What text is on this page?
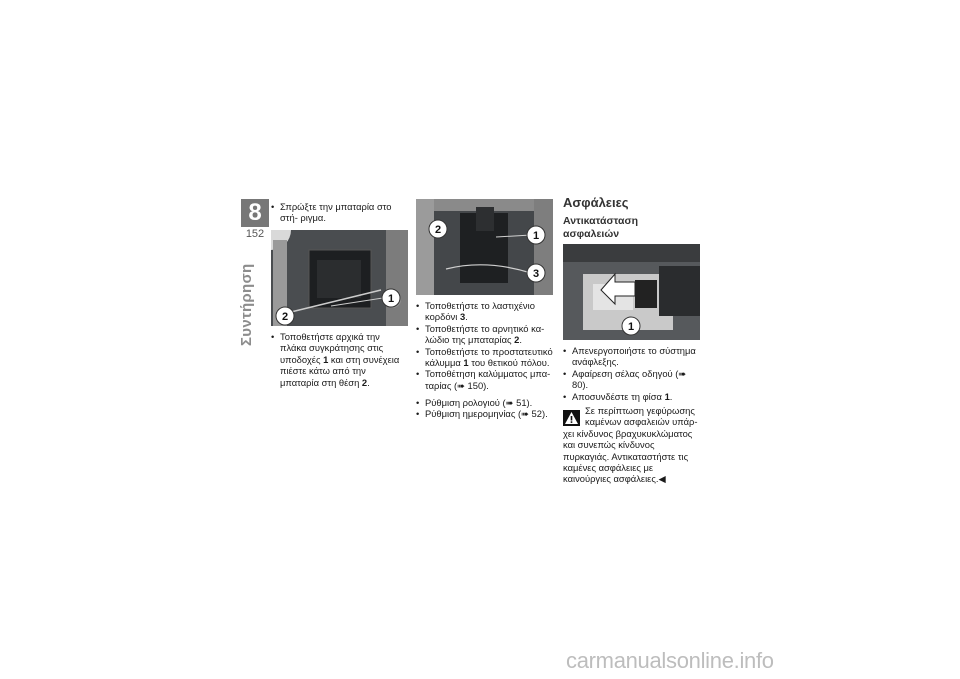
8
152
Συντήρηση
• Σπρώξτε την μπαταρία στο στή- ριγμα.
1
2
• Τοποθετήστε αρχικά την πλάκα συγκράτησης στις υποδοχές 1 και στη συνέχεια πιέστε κάτω από την μπαταρία στη θέση 2.
2	1
3
• Τοποθετήστε το λαστιχένιο κορδόνι 3.
• Τοποθετήστε το αρνητικό κα- λώδιο της μπαταρίας 2.
• Τοποθετήστε το προστατευτικό κάλυμμα 1 του θετικού πόλου.
• Τοποθέτηση καλύμματος μπα- ταρίας (➠ 150).
• Ρύθμιση ρολογιού (➠ 51).
• Ρύθμιση ημερομηνίας (➠ 52).
Ασφάλειες
Αντικατάσταση
ασφαλειών
1
• Απενεργοποιήστε το σύστημα ανάφλεξης.
• Αφαίρεση σέλας οδηγού (➠ 80).
• Αποσυνδέστε τη φίσα 1.
Σε περίπτωση γεφύρωσης
καμένων ασφαλειών υπάρ-
χει κίνδυνος βραχυκυκλώματος και συνεπώς κίνδυνος πυρκαγιάς. Αντικαταστήστε τις καμένες ασφάλειες με καινούργιες ασφάλειες.◀
carmanualsonline.info
